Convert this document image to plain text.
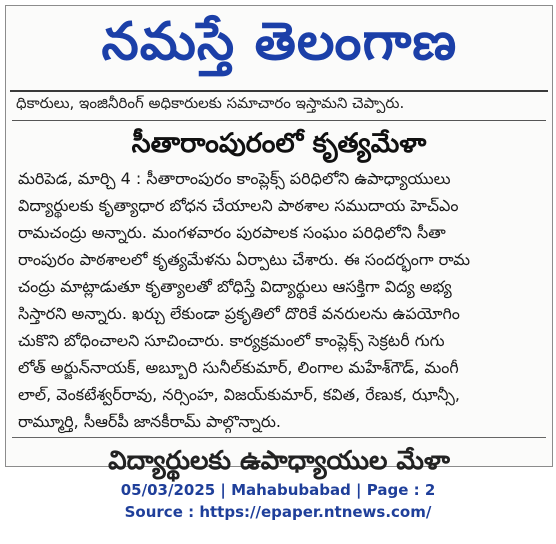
నమస్తే తెలంగాణ
ధికారులు, ఇంజినీరింగ్ అధికారులకు సమాచారం ఇస్తామని చెప్పారు.
సీతారాంపురంలో కృత్యమేళా
మరిపెడ, మార్చి 4 : సీతారాంపురం కాంప్లెక్స్ పరిధిలోని ఉపాధ్యాయులు
విద్యార్థులకు కృత్యాధార బోధన చేయాలని పాఠశాల సముదాయ హెచ్ఎం
రామచంద్రు అన్నారు. మంగళవారం పురపాలక సంఘం పరిధిలోని సీతా
రాంపురం పాఠశాలలో కృత్యమేళను ఏర్పాటు చేశారు. ఈ సందర్భంగా రామ
చంద్రు మాట్లాడుతూ కృత్యాలతో బోధిస్తే విద్యార్థులు ఆసక్తిగా విద్య అభ్య
సిస్తారని అన్నారు. ఖర్చు లేకుండా ప్రకృతిలో దొరికే వనరులను ఉపయోగిం
చుకొని బోధించాలని సూచించారు. కార్యక్రమంలో కాంప్లెక్స్ సెక్రటరీ గుగు
లోత్ అర్జున్‌నాయక్, అబ్బూరి సునీల్‌కుమార్, లింగాల మహేశ్‌గౌడ్, మంగీ
లాల్, వెంకటేశ్వర్‌రావు, నర్సింహ, విజయ్‌కుమార్, కవిత, రేణుక, ఝాన్సీ,
రామ్మూర్తి, సీఆర్‌పీ జానకీరామ్ పాల్గొన్నారు.
విద్యార్థులకు ఉపాధ్యాయుల మేళా
05/03/2025 | Mahabubabad | Page : 2
Source : https://epaper.ntnews.com/
